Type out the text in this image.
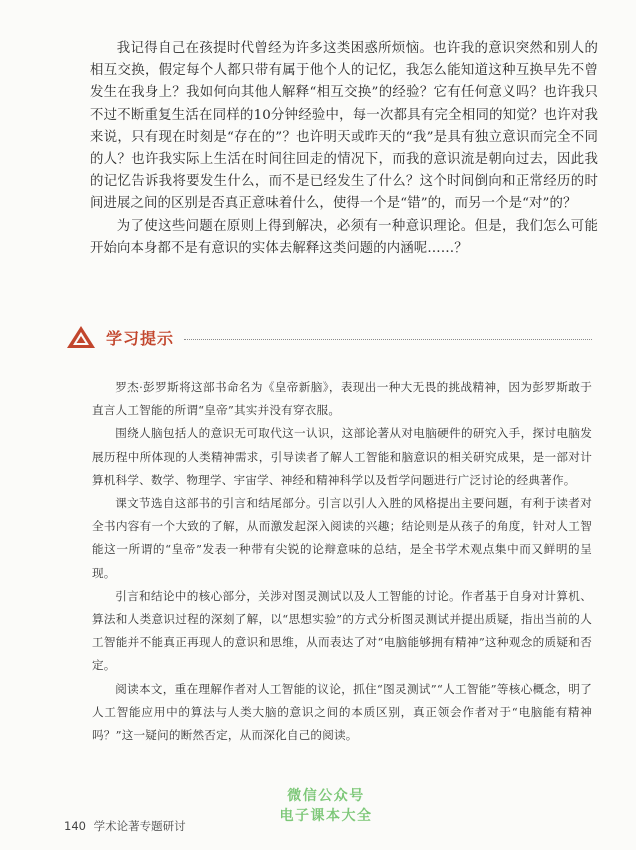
我记得自己在孩提时代曾经为许多这类困惑所烦恼。也许我的意识突然和别人的相互交换，假定每个人都只带有属于他个人的记忆，我怎么能知道这种互换早先不曾发生在我身上？我如何向其他人解释“相互交换”的经验？它有任何意义吗？也许我只不过不断重复生活在同样的10分钟经验中，每一次都具有完全相同的知觉？也许对我来说，只有现在时刻是“存在的”？也许明天或昨天的“我”是具有独立意识而完全不同的人？也许我实际上生活在时间往回走的情况下，而我的意识流是朝向过去，因此我的记忆告诉我将要发生什么，而不是已经发生了什么？这个时间倒向和正常经历的时间进展之间的区别是否真正意味着什么，使得一个是“错”的，而另一个是“对”的？

为了使这些问题在原则上得到解决，必须有一种意识理论。但是，我们怎么可能开始向本身都不是有意识的实体去解释这类问题的内涵呢……？

学习提示

罗杰·彭罗斯将这部书命名为《皇帝新脑》，表现出一种大无畏的挑战精神，因为彭罗斯敢于直言人工智能的所谓“皇帝”其实并没有穿衣服。

围绕人脑包括人的意识无可取代这一认识，这部论著从对电脑硬件的研究入手，探讨电脑发展历程中所体现的人类精神需求，引导读者了解人工智能和脑意识的相关研究成果，是一部对计算机科学、数学、物理学、宇宙学、神经和精神科学以及哲学问题进行广泛讨论的经典著作。

课文节选自这部书的引言和结尾部分。引言以引人入胜的风格提出主要问题，有利于读者对全书内容有一个大致的了解，从而激发起深入阅读的兴趣；结论则是从孩子的角度，针对人工智能这一所谓的“皇帝”发表一种带有尖锐的论辩意味的总结，是全书学术观点集中而又鲜明的呈现。

引言和结论中的核心部分，关涉对图灵测试以及人工智能的讨论。作者基于自身对计算机、算法和人类意识过程的深刻了解，以“思想实验”的方式分析图灵测试并提出质疑，指出当前的人工智能并不能真正再现人的意识和思维，从而表达了对“电脑能够拥有精神”这种观念的质疑和否定。

阅读本文，重在理解作者对人工智能的议论，抓住“图灵测试”“人工智能”等核心概念，明了人工智能应用中的算法与人类大脑的意识之间的本质区别，真正领会作者对于“电脑能有精神吗？”这一疑问的断然否定，从而深化自己的阅读。

140 学术论著专题研讨
微信公众号
电子课本大全
